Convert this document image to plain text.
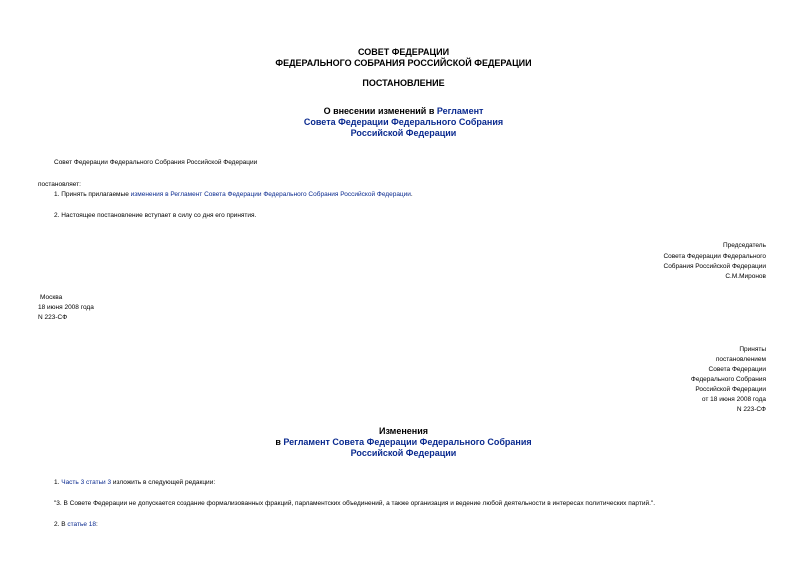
СОВЕТ ФЕДЕРАЦИИ
ФЕДЕРАЛЬНОГО СОБРАНИЯ РОССИЙСКОЙ ФЕДЕРАЦИИ
ПОСТАНОВЛЕНИЕ
О внесении изменений в Регламент
Совета Федерации Федерального Собрания
Российской Федерации
Совет Федерации Федерального Собрания Российской Федерации
постановляет:
1. Принять прилагаемые изменения в Регламент Совета Федерации Федерального Собрания Российской Федерации.
2. Настоящее постановление вступает в силу со дня его принятия.
Председатель
Совета Федерации Федерального
Собрания Российской Федерации
С.М.Миронов
Москва
18 июня 2008 года
N 223-СФ
Приняты
постановлением
Совета Федерации
Федерального Собрания
Российской Федерации
от 18 июня 2008 года
N 223-СФ
Изменения
в Регламент Совета Федерации Федерального Собрания
Российской Федерации
1. Часть 3 статьи 3 изложить в следующей редакции:
"3. В Совете Федерации не допускается создание формализованных фракций, парламентских объединений, а также организация и ведение любой деятельности в интересах политических партий.".
2. В статье 18:
